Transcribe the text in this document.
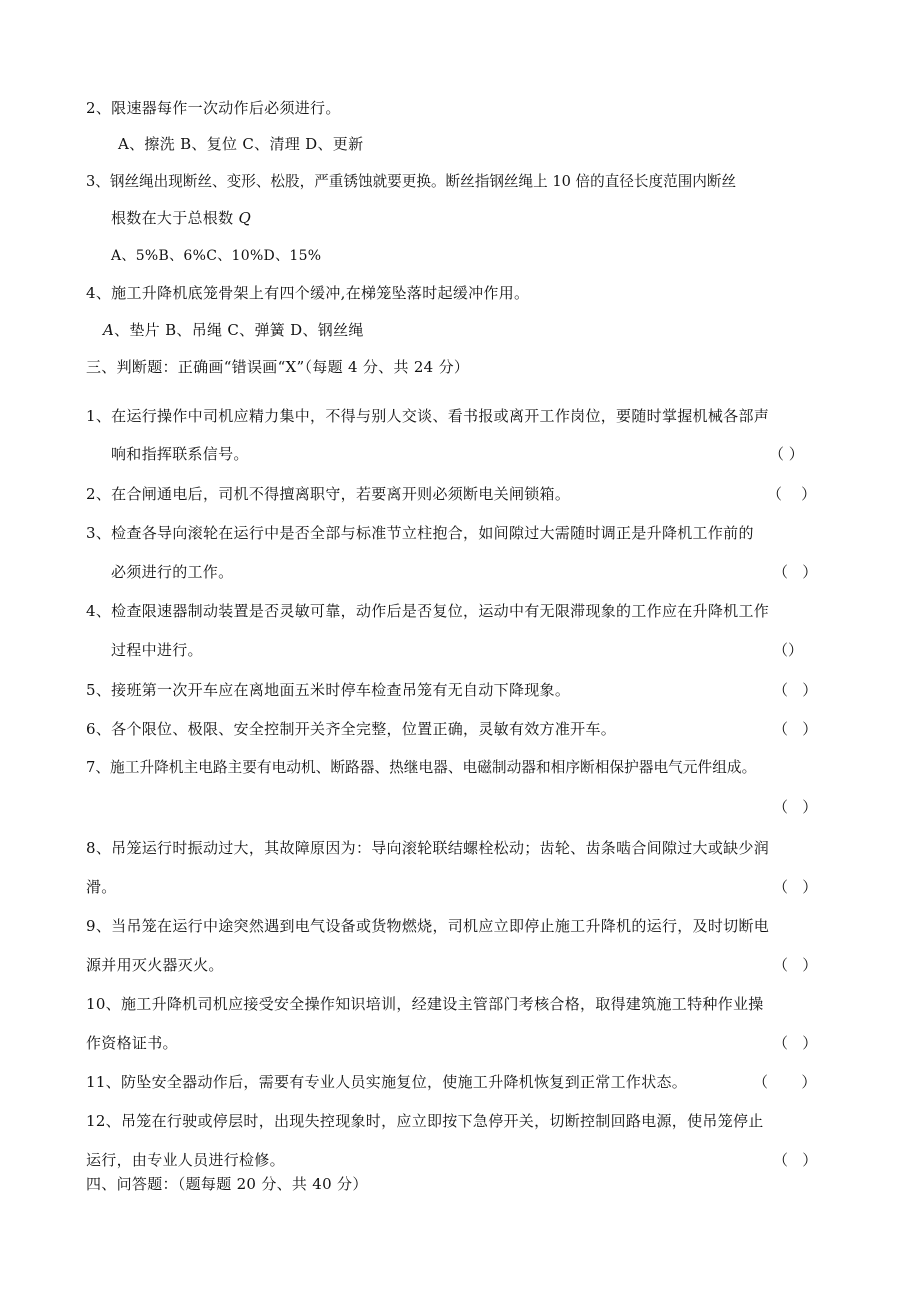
2、限速器每作一次动作后必须进行。
A、擦洗 B、复位 C、清理 D、更新
3、钢丝绳出现断丝、变形、松股，严重锈蚀就要更换。断丝指钢丝绳上 10 倍的直径长度范围内断丝
根数在大于总根数 Q
A、5%B、6%C、10%D、15%
4、施工升降机底笼骨架上有四个缓冲,在梯笼坠落时起缓冲作用。
A、垫片 B、吊绳 C、弹簧 D、钢丝绳
三、判断题：正确画“错误画“X”（每题 4 分、共 24 分）
1、在运行操作中司机应精力集中，不得与别人交谈、看书报或离开工作岗位，要随时掌握机械各部声
响和指挥联系信号。	（ ）
2、在合闸通电后，司机不得擅离职守，若要离开则必须断电关闸锁箱。	（    ）
3、检查各导向滚轮在运行中是否全部与标准节立柱抱合，如间隙过大需随时调正是升降机工作前的
必须进行的工作。	（   ）
4、检查限速器制动装置是否灵敏可靠，动作后是否复位，运动中有无限滞现象的工作应在升降机工作
过程中进行。	（）
5、接班第一次开车应在离地面五米时停车检查吊笼有无自动下降现象。	（   ）
6、各个限位、极限、安全控制开关齐全完整，位置正确，灵敏有效方准开车。	（   ）
7、施工升降机主电路主要有电动机、断路器、热继电器、电磁制动器和相序断相保护器电气元件组成。
（   ）
8、吊笼运行时振动过大，其故障原因为：导向滚轮联结螺栓松动；齿轮、齿条啮合间隙过大或缺少润
滑。	（   ）
9、当吊笼在运行中途突然遇到电气设备或货物燃烧，司机应立即停止施工升降机的运行，及时切断电
源并用灭火器灭火。	（   ）
10、施工升降机司机应接受安全操作知识培训，经建设主管部门考核合格，取得建筑施工特种作业操
作资格证书。	（   ）
11、防坠安全器动作后，需要有专业人员实施复位，使施工升降机恢复到正常工作状态。	（       ）
12、吊笼在行驶或停层时，出现失控现象时，应立即按下急停开关，切断控制回路电源，使吊笼停止
运行，由专业人员进行检修。	（   ）
四、问答题：（题每题 20 分、共 40 分）
